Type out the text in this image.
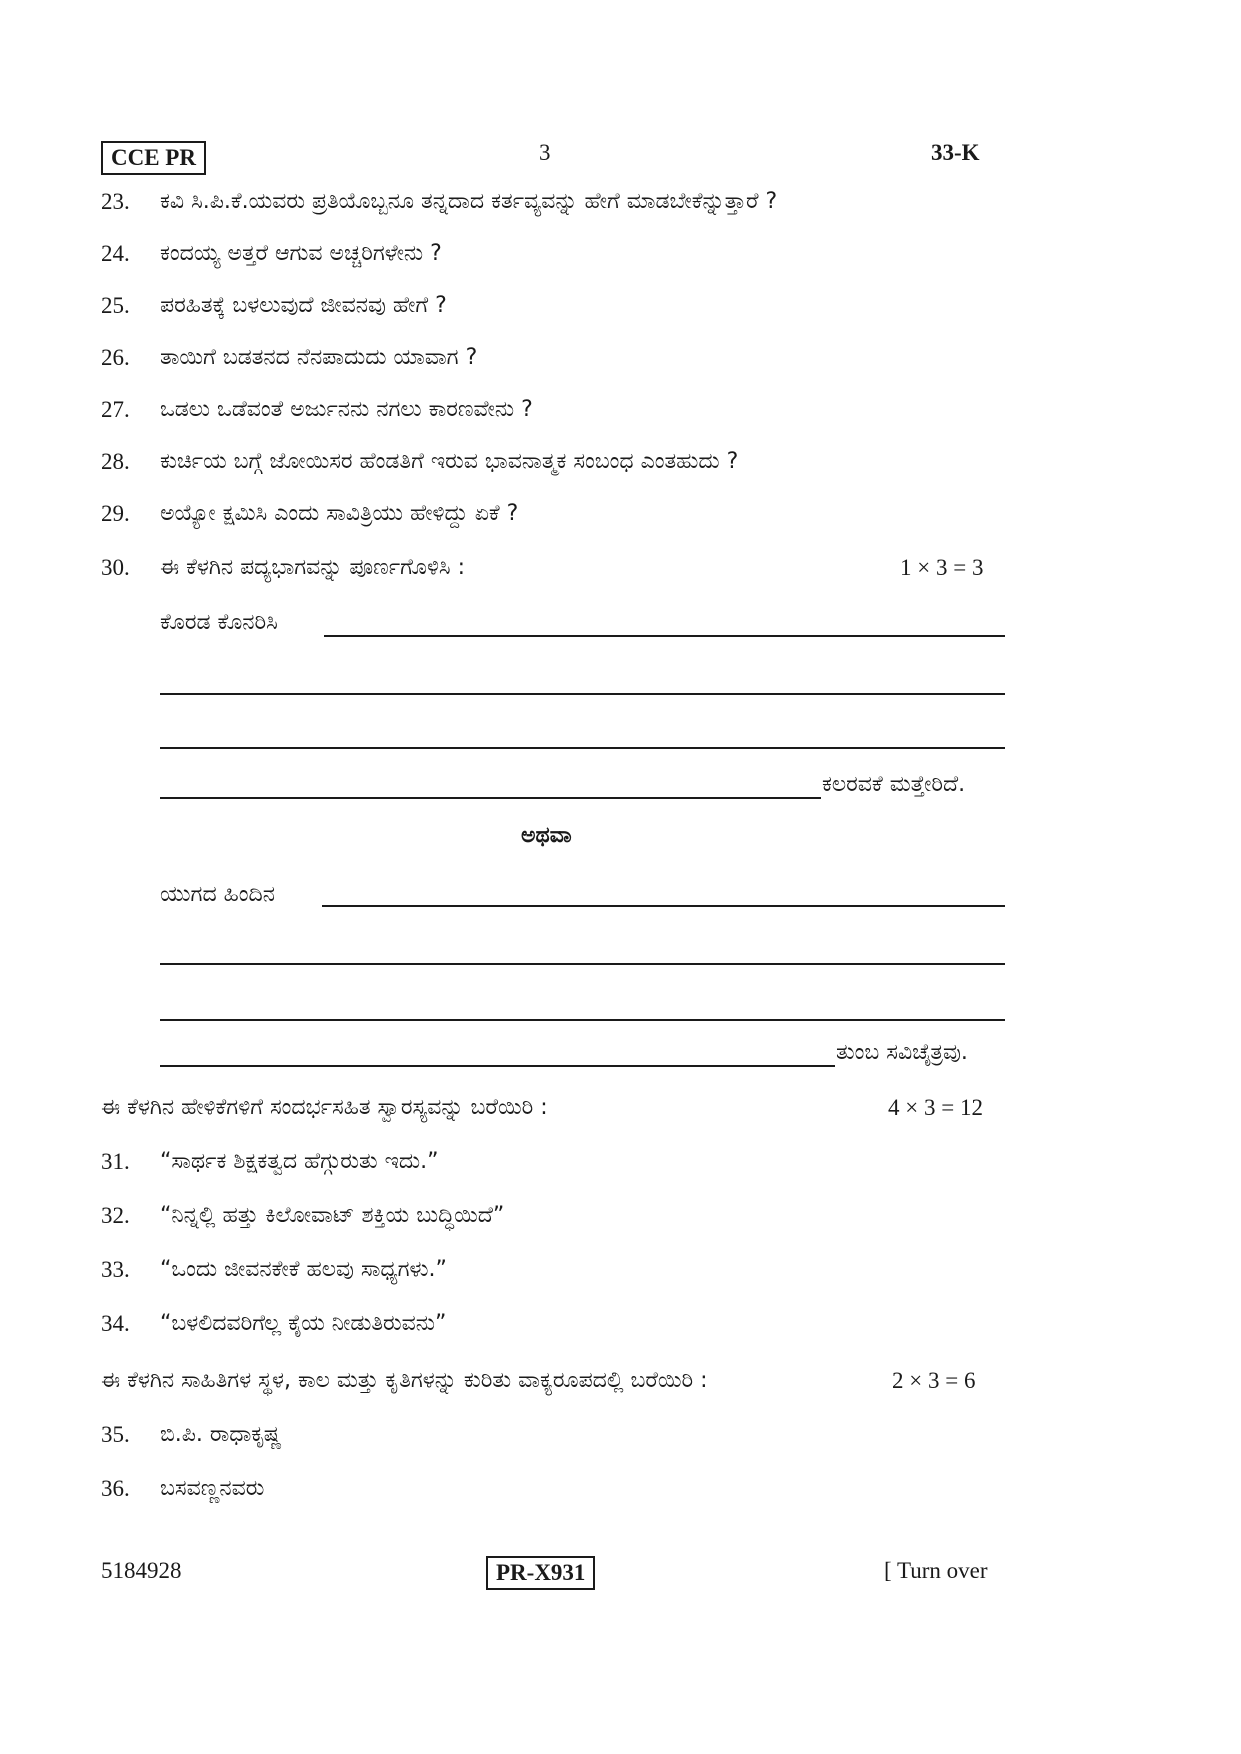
CCE PR	3	33-K
23. ಕವಿ ಸಿ.ಪಿ.ಕೆ.ಯವರು ಪ್ರತಿಯೊಬ್ಬನೂ ತನ್ನದಾದ ಕರ್ತವ್ಯವನ್ನು ಹೇಗೆ ಮಾಡಬೇಕೆನ್ನುತ್ತಾರೆ ?
24. ಕಂದಯ್ಯ ಅತ್ತರೆ ಆಗುವ ಅಚ್ಚರಿಗಳೇನು ?
25. ಪರಹಿತಕ್ಕೆ ಬಳಲುವುದೆ ಜೀವನವು ಹೇಗೆ ?
26. ತಾಯಿಗೆ ಬಡತನದ ನೆನಪಾದುದು ಯಾವಾಗ ?
27. ಒಡಲು ಒಡೆವಂತೆ ಅರ್ಜುನನು ನಗಲು ಕಾರಣವೇನು ?
28. ಕುರ್ಚಿಯ ಬಗ್ಗೆ ಜೋಯಿಸರ ಹೆಂಡತಿಗೆ ಇರುವ ಭಾವನಾತ್ಮಕ ಸಂಬಂಧ ಎಂತಹುದು ?
29. ಅಯ್ಯೋ ಕ್ಷಮಿಸಿ ಎಂದು ಸಾವಿತ್ರಿಯು ಹೇಳಿದ್ದು ಏಕೆ ?
30. ಈ ಕೆಳಗಿನ ಪದ್ಯಭಾಗವನ್ನು ಪೂರ್ಣಗೊಳಿಸಿ :	1 × 3 = 3
ಕೊರಡ ಕೊನರಿಸಿ
ಕಲರವಕೆ ಮತ್ತೇರಿದೆ.
ಅಥವಾ
ಯುಗದ ಹಿಂದಿನ
ತುಂಬ ಸವಿಚೈತ್ರವು.
ಈ ಕೆಳಗಿನ ಹೇಳಿಕೆಗಳಿಗೆ ಸಂದರ್ಭಸಹಿತ ಸ್ವಾರಸ್ಯವನ್ನು ಬರೆಯಿರಿ :	4 × 3 = 12
31. “ಸಾರ್ಥಕ ಶಿಕ್ಷಕತ್ವದ ಹೆಗ್ಗುರುತು ಇದು.”
32. “ನಿನ್ನಲ್ಲಿ ಹತ್ತು ಕಿಲೋವಾಟ್ ಶಕ್ತಿಯ ಬುದ್ಧಿಯಿದೆ”
33. “ಒಂದು ಜೀವನಕೇಕೆ ಹಲವು ಸಾಧ್ಯಗಳು.”
34. “ಬಳಲಿದವರಿಗೆಲ್ಲ ಕೈಯ ನೀಡುತಿರುವನು”
ಈ ಕೆಳಗಿನ ಸಾಹಿತಿಗಳ ಸ್ಥಳ, ಕಾಲ ಮತ್ತು ಕೃತಿಗಳನ್ನು ಕುರಿತು ವಾಕ್ಯರೂಪದಲ್ಲಿ ಬರೆಯಿರಿ :	2 × 3 = 6
35. ಬಿ.ಪಿ. ರಾಧಾಕೃಷ್ಣ
36. ಬಸವಣ್ಣನವರು
5184928	PR-X931	[ Turn over
